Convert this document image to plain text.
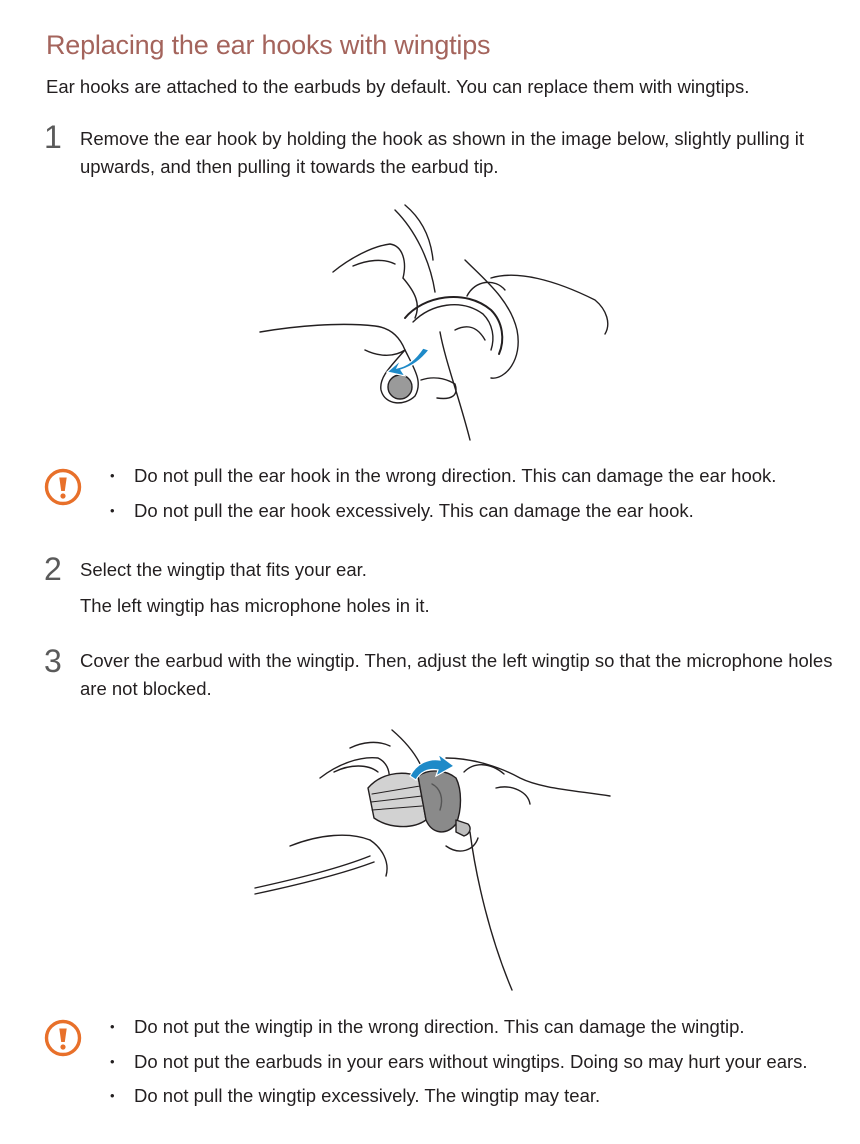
Replacing the ear hooks with wingtips

Ear hooks are attached to the earbuds by default. You can replace them with wingtips.

1 Remove the ear hook by holding the hook as shown in the image below, slightly pulling it upwards, and then pulling it towards the earbud tip.

• Do not pull the ear hook in the wrong direction. This can damage the ear hook.
• Do not pull the ear hook excessively. This can damage the ear hook.
2 Select the wingtip that fits your ear.

The left wingtip has microphone holes in it.

3 Cover the earbud with the wingtip. Then, adjust the left wingtip so that the microphone holes are not blocked.

• Do not put the wingtip in the wrong direction. This can damage the wingtip.
• Do not put the earbuds in your ears without wingtips. Doing so may hurt your ears.
• Do not pull the wingtip excessively. The wingtip may tear.
